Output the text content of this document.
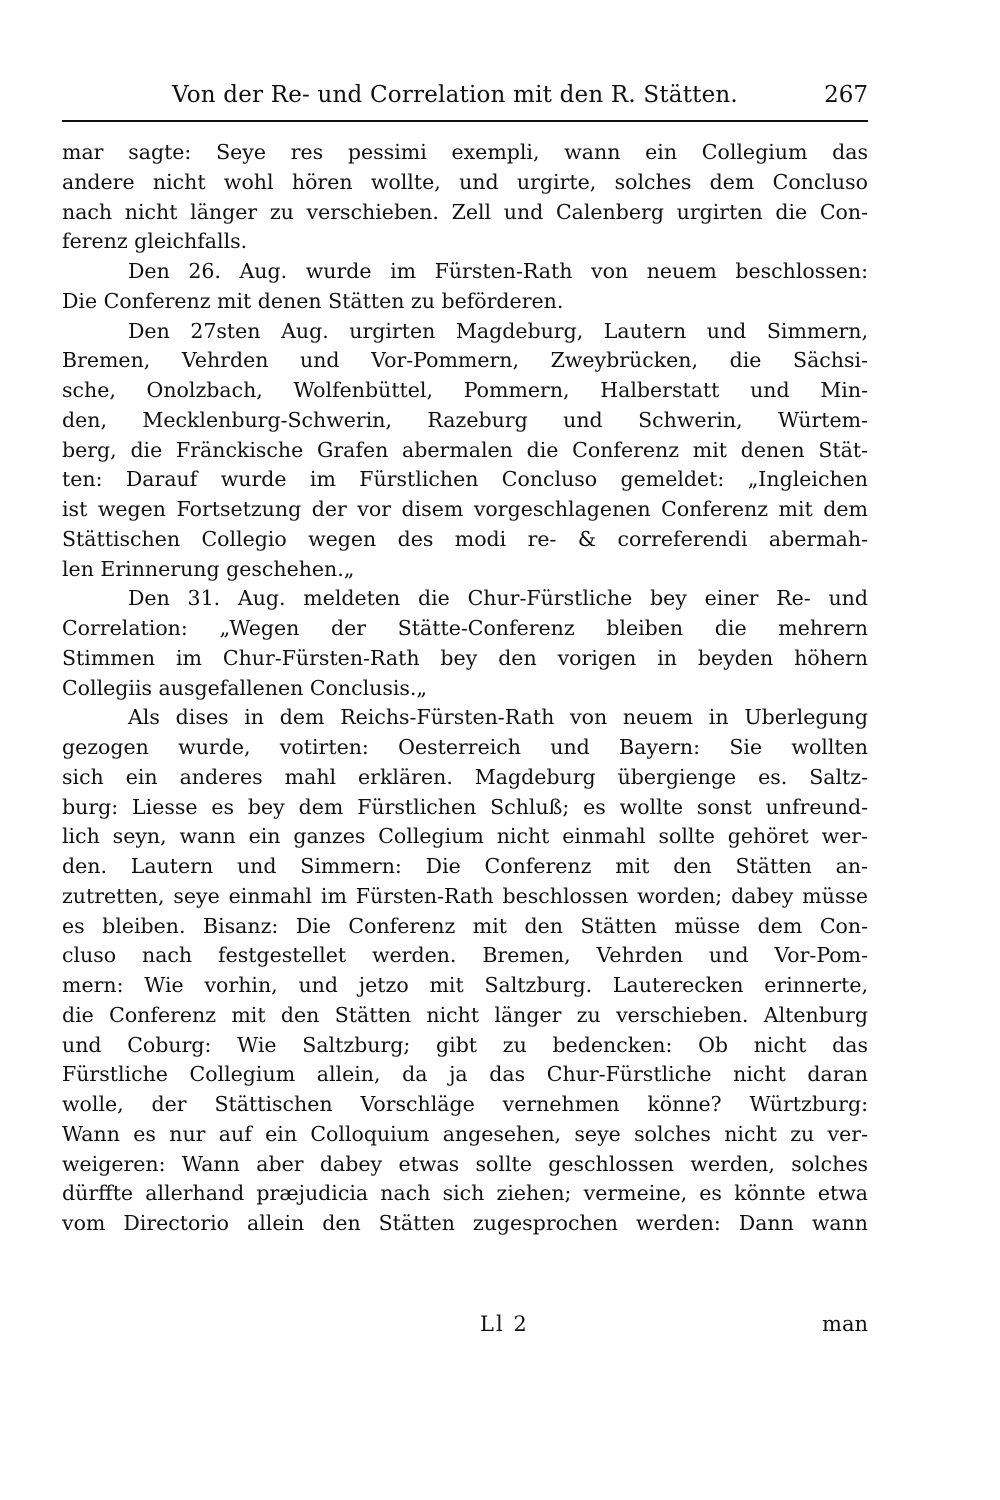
Von der Re- und Correlation mit den R. Stätten.	267
mar sagte: Seye res pessimi exempli, wann ein Collegium das
andere nicht wohl hören wollte, und urgirte, solches dem Concluso
nach nicht länger zu verschieben. Zell und Calenberg urgirten die Con-
ferenz gleichfalls.
Den 26. Aug. wurde im Fürsten-Rath von neuem beschlossen:
Die Conferenz mit denen Stätten zu beförderen.
Den 27sten Aug. urgirten Magdeburg, Lautern und Simmern,
Bremen, Vehrden und Vor-Pommern, Zweybrücken, die Sächsi-
sche, Onolzbach, Wolfenbüttel, Pommern, Halberstatt und Min-
den, Mecklenburg-Schwerin, Razeburg und Schwerin, Würtem-
berg, die Fränckische Grafen abermalen die Conferenz mit denen Stät-
ten: Darauf wurde im Fürstlichen Concluso gemeldet: „Ingleichen
ist wegen Fortsetzung der vor disem vorgeschlagenen Conferenz mit dem
Stättischen Collegio wegen des modi re- & correferendi abermah-
len Erinnerung geschehen.„
Den 31. Aug. meldeten die Chur-Fürstliche bey einer Re- und
Correlation: „Wegen der Stätte-Conferenz bleiben die mehrern
Stimmen im Chur-Fürsten-Rath bey den vorigen in beyden höhern
Collegiis ausgefallenen Conclusis.„
Als dises in dem Reichs-Fürsten-Rath von neuem in Uberlegung
gezogen wurde, votirten: Oesterreich und Bayern: Sie wollten
sich ein anderes mahl erklären. Magdeburg übergienge es. Saltz-
burg: Liesse es bey dem Fürstlichen Schluß; es wollte sonst unfreund-
lich seyn, wann ein ganzes Collegium nicht einmahl sollte gehöret wer-
den. Lautern und Simmern: Die Conferenz mit den Stätten an-
zutretten, seye einmahl im Fürsten-Rath beschlossen worden; dabey müsse
es bleiben. Bisanz: Die Conferenz mit den Stätten müsse dem Con-
cluso nach festgestellet werden. Bremen, Vehrden und Vor-Pom-
mern: Wie vorhin, und jetzo mit Saltzburg. Lauterecken erinnerte,
die Conferenz mit den Stätten nicht länger zu verschieben. Altenburg
und Coburg: Wie Saltzburg; gibt zu bedencken: Ob nicht das
Fürstliche Collegium allein, da ja das Chur-Fürstliche nicht daran
wolle, der Stättischen Vorschläge vernehmen könne? Würtzburg:
Wann es nur auf ein Colloquium angesehen, seye solches nicht zu ver-
weigeren: Wann aber dabey etwas sollte geschlossen werden, solches
dürffte allerhand præjudicia nach sich ziehen; vermeine, es könnte etwa
vom Directorio allein den Stätten zugesprochen werden: Dann wann
Ll 2	man
